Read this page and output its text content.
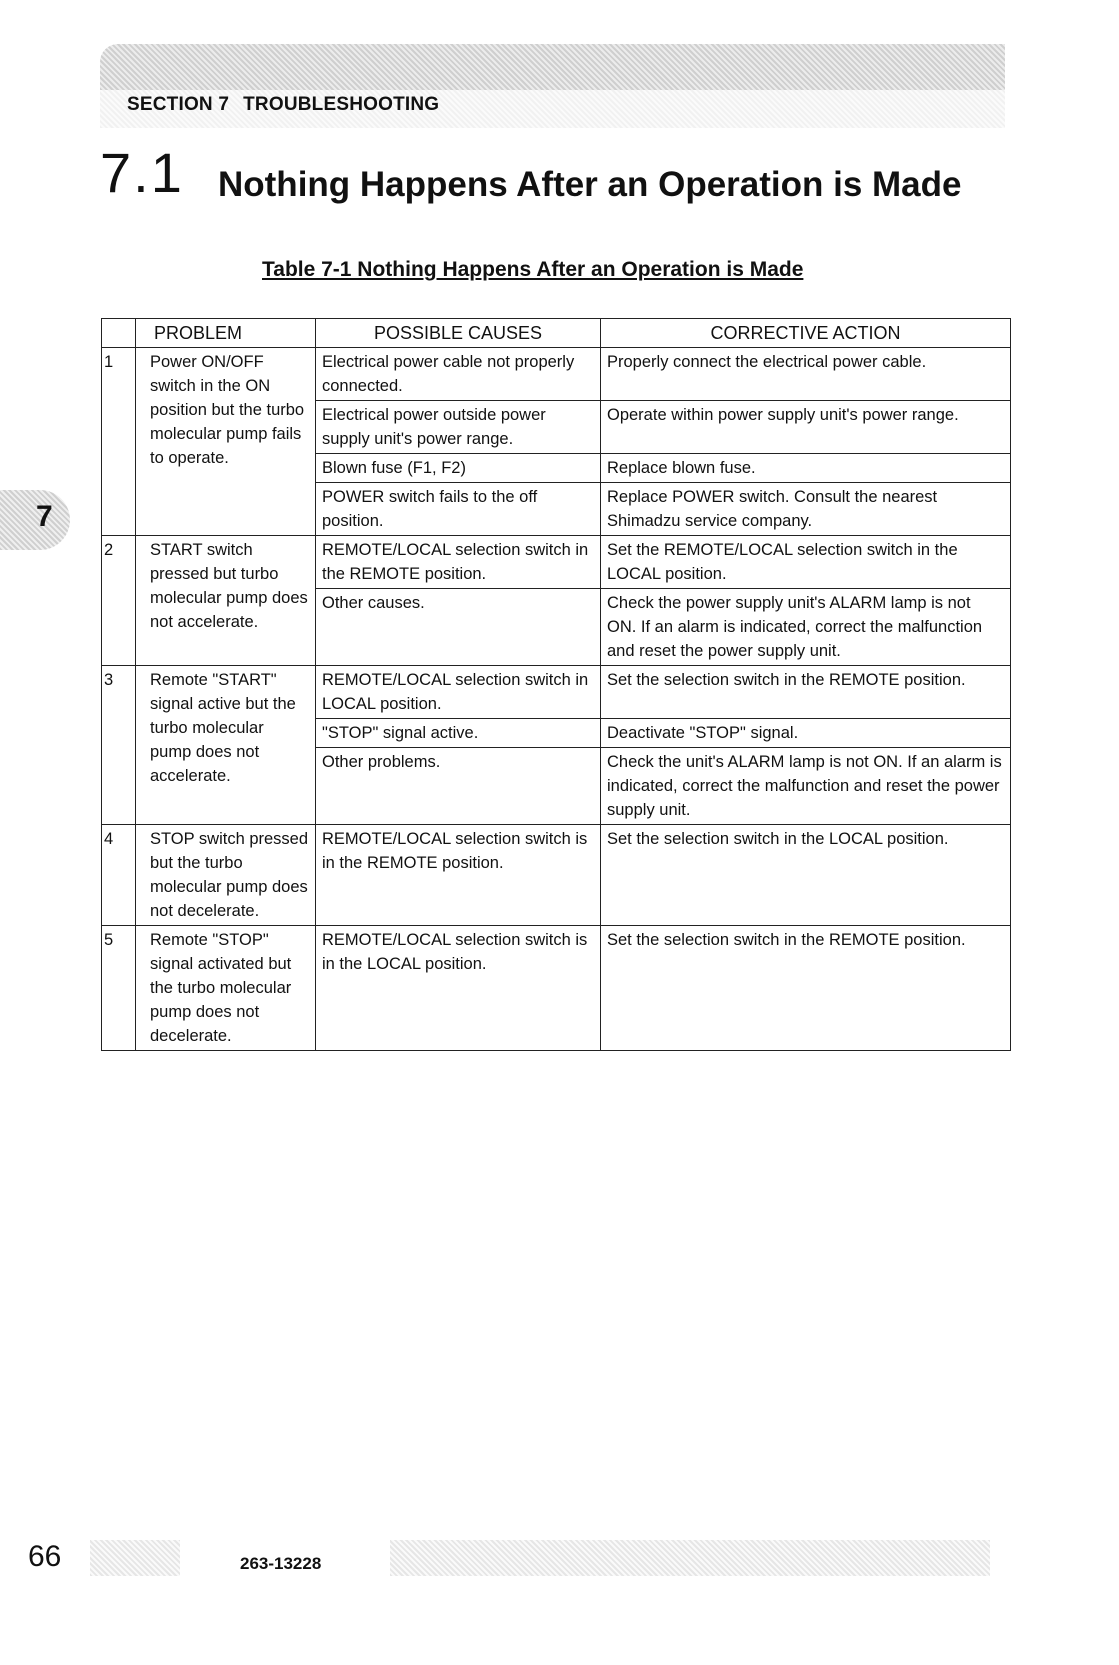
SECTION 7 TROUBLESHOOTING
7.1 Nothing Happens After an Operation is Made
Table 7-1 Nothing Happens After an Operation is Made
7
	PROBLEM	POSSIBLE CAUSES	CORRECTIVE ACTION
1	Power ON/OFF switch in the ON position but the turbo molecular pump fails to operate.	Electrical power cable not properly connected.	Properly connect the electrical power cable.
		Electrical power outside power supply unit's power range.	Operate within power supply unit's power range.
		Blown fuse (F1, F2)	Replace blown fuse.
		POWER switch fails to the off position.	Replace POWER switch. Consult the nearest Shimadzu service company.
2	START switch pressed but turbo molecular pump does not accelerate.	REMOTE/LOCAL selection switch in the REMOTE position.	Set the REMOTE/LOCAL selection switch in the LOCAL position.
		Other causes.	Check the power supply unit's ALARM lamp is not ON. If an alarm is indicated, correct the malfunction and reset the power supply unit.
3	Remote "START" signal active but the turbo molecular pump does not accelerate.	REMOTE/LOCAL selection switch in LOCAL position.	Set the selection switch in the REMOTE position.
		"STOP" signal active.	Deactivate "STOP" signal.
		Other problems.	Check the unit's ALARM lamp is not ON. If an alarm is indicated, correct the malfunction and reset the power supply unit.
4	STOP switch pressed but the turbo molecular pump does not decelerate.	REMOTE/LOCAL selection switch is in the REMOTE position.	Set the selection switch in the LOCAL position.
5	Remote "STOP" signal activated but the turbo molecular pump does not decelerate.	REMOTE/LOCAL selection switch is in the LOCAL position.	Set the selection switch in the REMOTE position.
66	263-13228
